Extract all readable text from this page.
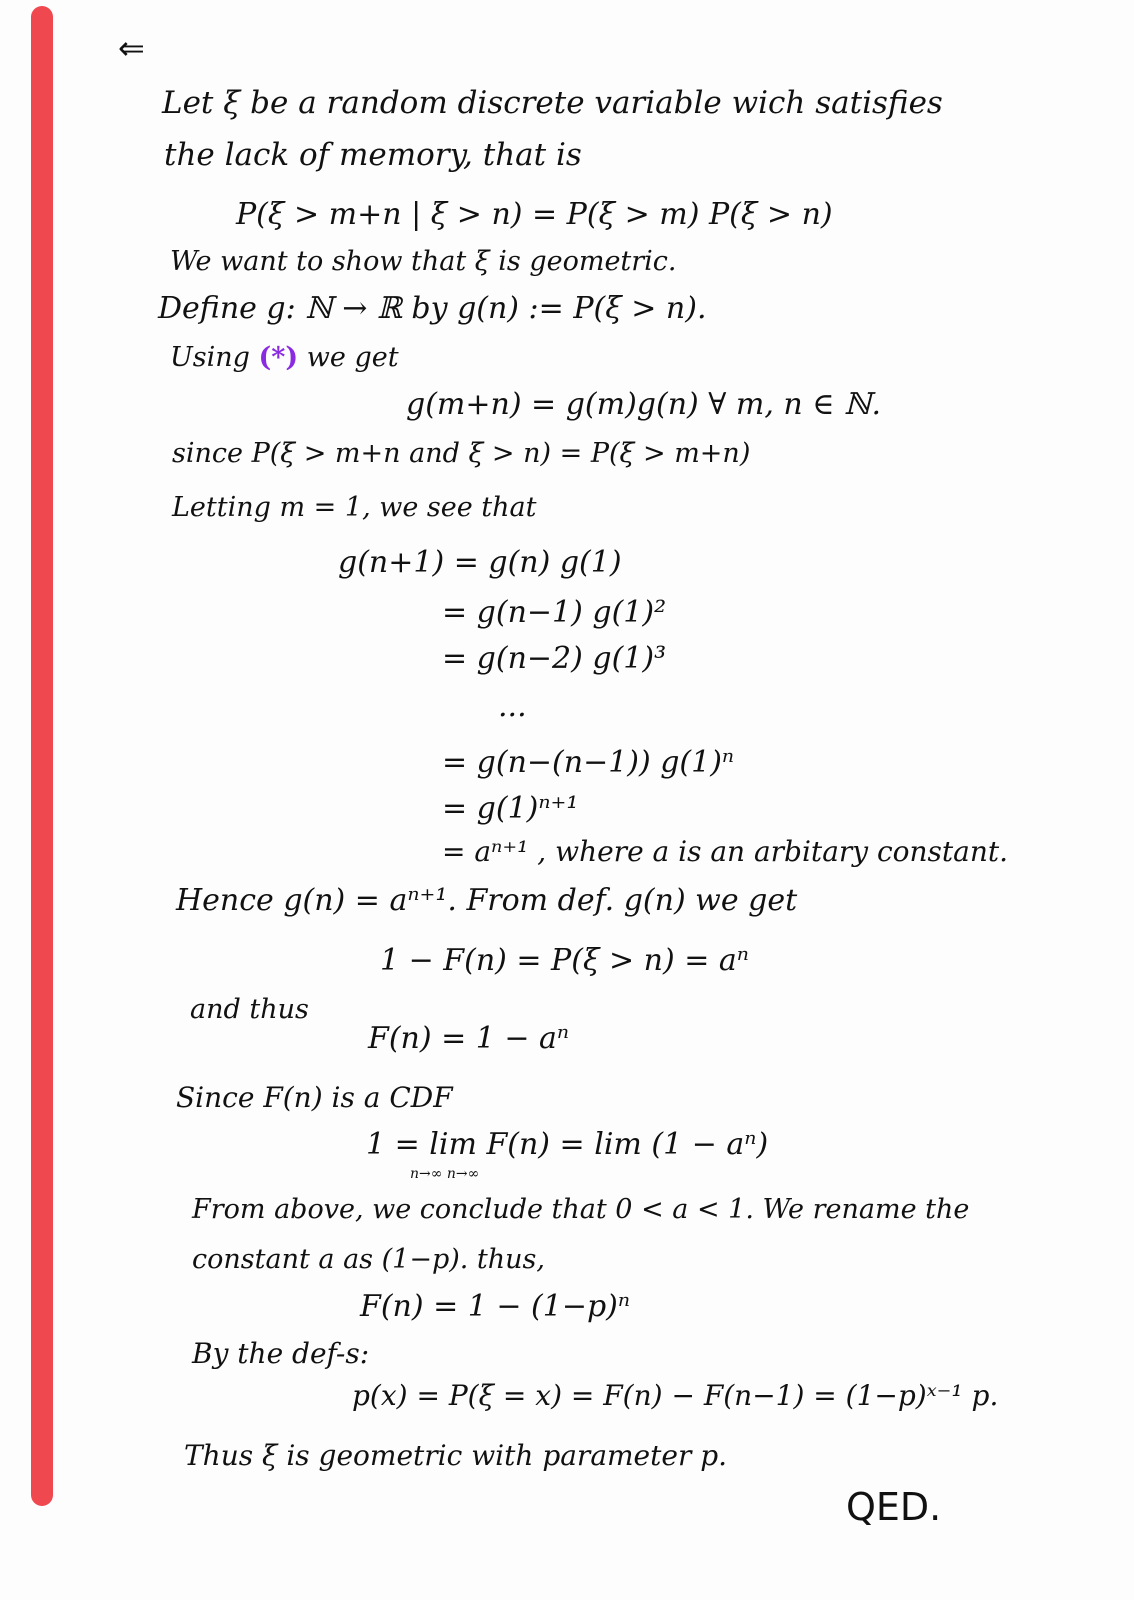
⇐
Let ξ be a random discrete variable wich satisfies
the lack of memory, that is
P(ξ > m+n | ξ > n) = P(ξ > m) P(ξ > n)
We want to show that ξ is geometric.
Define g: ℕ → ℝ by g(n) := P(ξ > n).
Using (*) we get
g(m+n) = g(m)g(n) ∀ m, n ∈ ℕ.
since P(ξ > m+n and ξ > n) = P(ξ > m+n)
Letting m = 1, we see that
g(n+1) = g(n) g(1)
= g(n−1) g(1)²
= g(n−2) g(1)³
...
= g(n−(n−1)) g(1)ⁿ
= g(1)ⁿ⁺¹
= aⁿ⁺¹ , where a is an arbitary constant.
Hence g(n) = aⁿ⁺¹. From def. g(n) we get
1 − F(n) = P(ξ > n) = aⁿ
and thus
F(n) = 1 − aⁿ
Since F(n) is a CDF
1 = lim F(n) = lim (1 − aⁿ)
n→∞ n→∞
From above, we conclude that 0 < a < 1. We rename the
constant a as (1−p). thus,
F(n) = 1 − (1−p)ⁿ
By the def-s:
p(x) = P(ξ = x) = F(n) − F(n−1) = (1−p)ˣ⁻¹ p.
Thus ξ is geometric with parameter p.
QED.
